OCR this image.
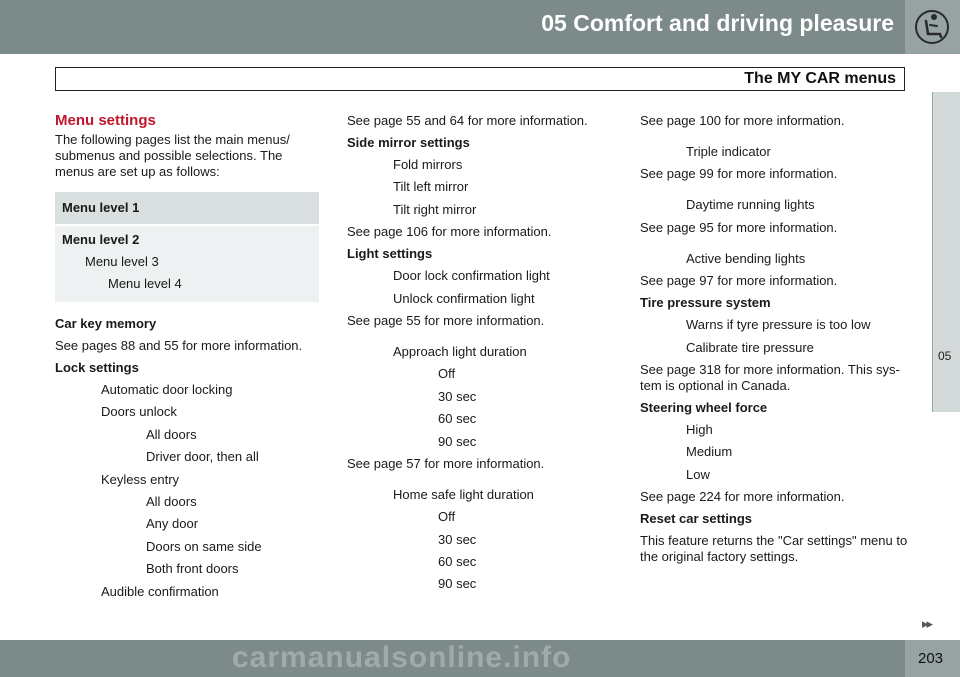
05 Comfort and driving pleasure
The MY CAR menus
05
Menu settings
The following pages list the main menus/ submenus and possible selections. The menus are set up as follows:
Menu level 1
Menu level 2
Menu level 3
Menu level 4
Car key memory
See pages 88 and 55 for more information.
Lock settings
Automatic door locking
Doors unlock
All doors
Driver door, then all
Keyless entry
All doors
Any door
Doors on same side
Both front doors
Audible confirmation
See page 55 and 64 for more information.
Side mirror settings
Fold mirrors
Tilt left mirror
Tilt right mirror
See page 106 for more information.
Light settings
Door lock confirmation light
Unlock confirmation light
See page 55 for more information.
Approach light duration
Off
30 sec
60 sec
90 sec
See page 57 for more information.
Home safe light duration
Off
30 sec
60 sec
90 sec
See page 100 for more information.
Triple indicator
See page 99 for more information.
Daytime running lights
See page 95 for more information.
Active bending lights
See page 97 for more information.
Tire pressure system
Warns if tyre pressure is too low
Calibrate tire pressure
See page 318 for more information. This sys-tem is optional in Canada.
Steering wheel force
High
Medium
Low
See page 224 for more information.
Reset car settings
This feature returns the "Car settings" menu to the original factory settings.
▸▸
carmanualsonline.info	203
